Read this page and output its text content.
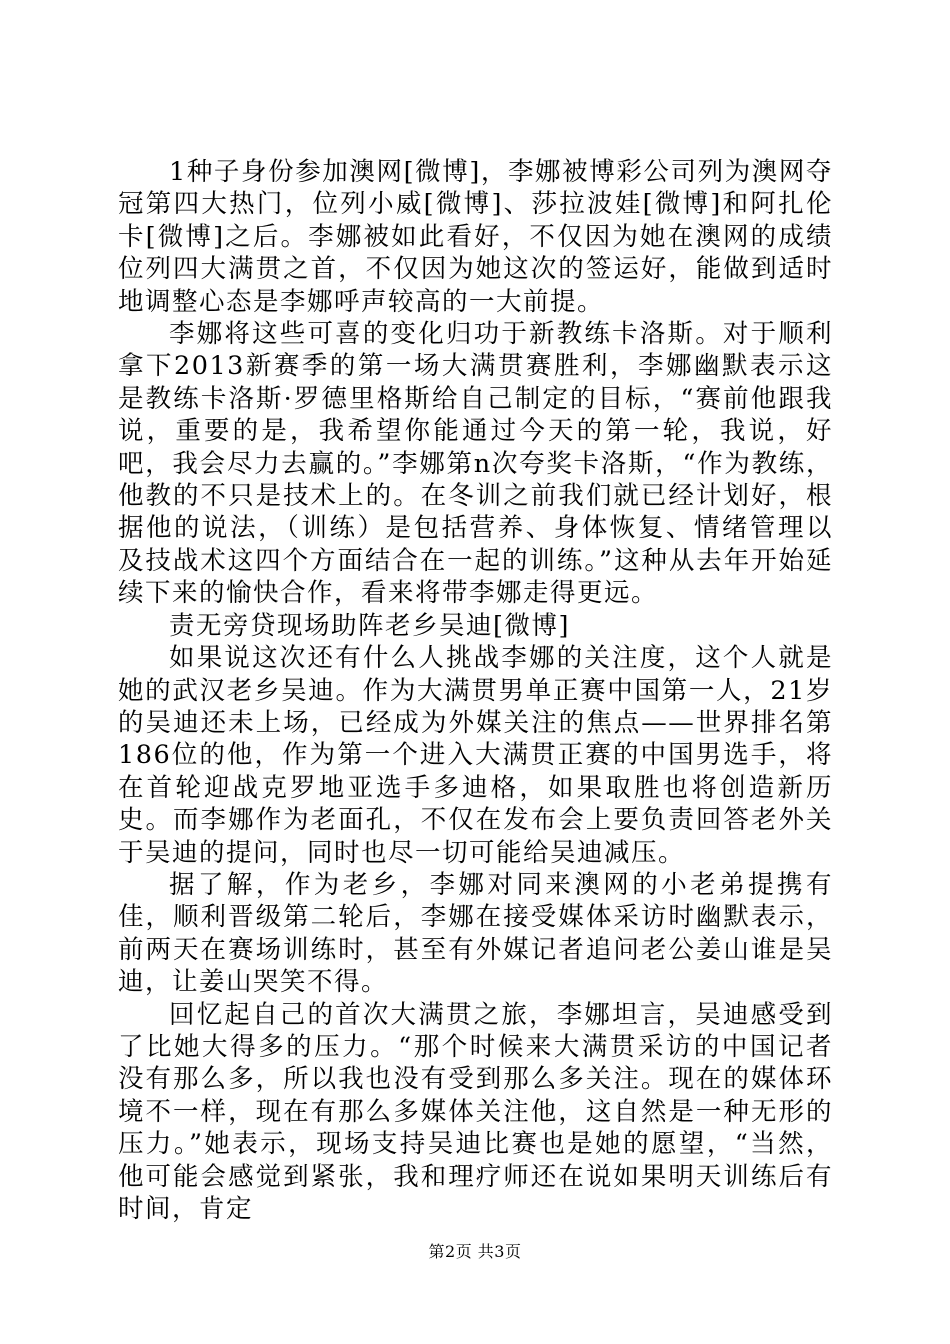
1种子身份参加澳网[微博]，李娜被博彩公司列为澳网夺冠第四大热门，位列小威[微博]、莎拉波娃[微博]和阿扎伦卡[微博]之后。李娜被如此看好，不仅因为她在澳网的成绩位列四大满贯之首，不仅因为她这次的签运好，能做到适时地调整心态是李娜呼声较高的一大前提。

李娜将这些可喜的变化归功于新教练卡洛斯。对于顺利拿下2013新赛季的第一场大满贯赛胜利，李娜幽默表示这是教练卡洛斯·罗德里格斯给自己制定的目标，“赛前他跟我说，重要的是，我希望你能通过今天的第一轮，我说，好吧，我会尽力去赢的。”李娜第n次夸奖卡洛斯，“作为教练，他教的不只是技术上的。在冬训之前我们就已经计划好，根据他的说法，（训练）是包括营养、身体恢复、情绪管理以及技战术这四个方面结合在一起的训练。”这种从去年开始延续下来的愉快合作，看来将带李娜走得更远。

责无旁贷现场助阵老乡吴迪[微博]

如果说这次还有什么人挑战李娜的关注度，这个人就是她的武汉老乡吴迪。作为大满贯男单正赛中国第一人，21岁的吴迪还未上场，已经成为外媒关注的焦点——世界排名第186位的他，作为第一个进入大满贯正赛的中国男选手，将在首轮迎战克罗地亚选手多迪格，如果取胜也将创造新历史。而李娜作为老面孔，不仅在发布会上要负责回答老外关于吴迪的提问，同时也尽一切可能给吴迪减压。

据了解，作为老乡，李娜对同来澳网的小老弟提携有佳，顺利晋级第二轮后，李娜在接受媒体采访时幽默表示，前两天在赛场训练时，甚至有外媒记者追问老公姜山谁是吴迪，让姜山哭笑不得。

回忆起自己的首次大满贯之旅，李娜坦言，吴迪感受到了比她大得多的压力。“那个时候来大满贯采访的中国记者没有那么多，所以我也没有受到那么多关注。现在的媒体环境不一样，现在有那么多媒体关注他，这自然是一种无形的压力。”她表示，现场支持吴迪比赛也是她的愿望，“当然，他可能会感觉到紧张，我和理疗师还在说如果明天训练后有时间，肯定

第2页 共3页
